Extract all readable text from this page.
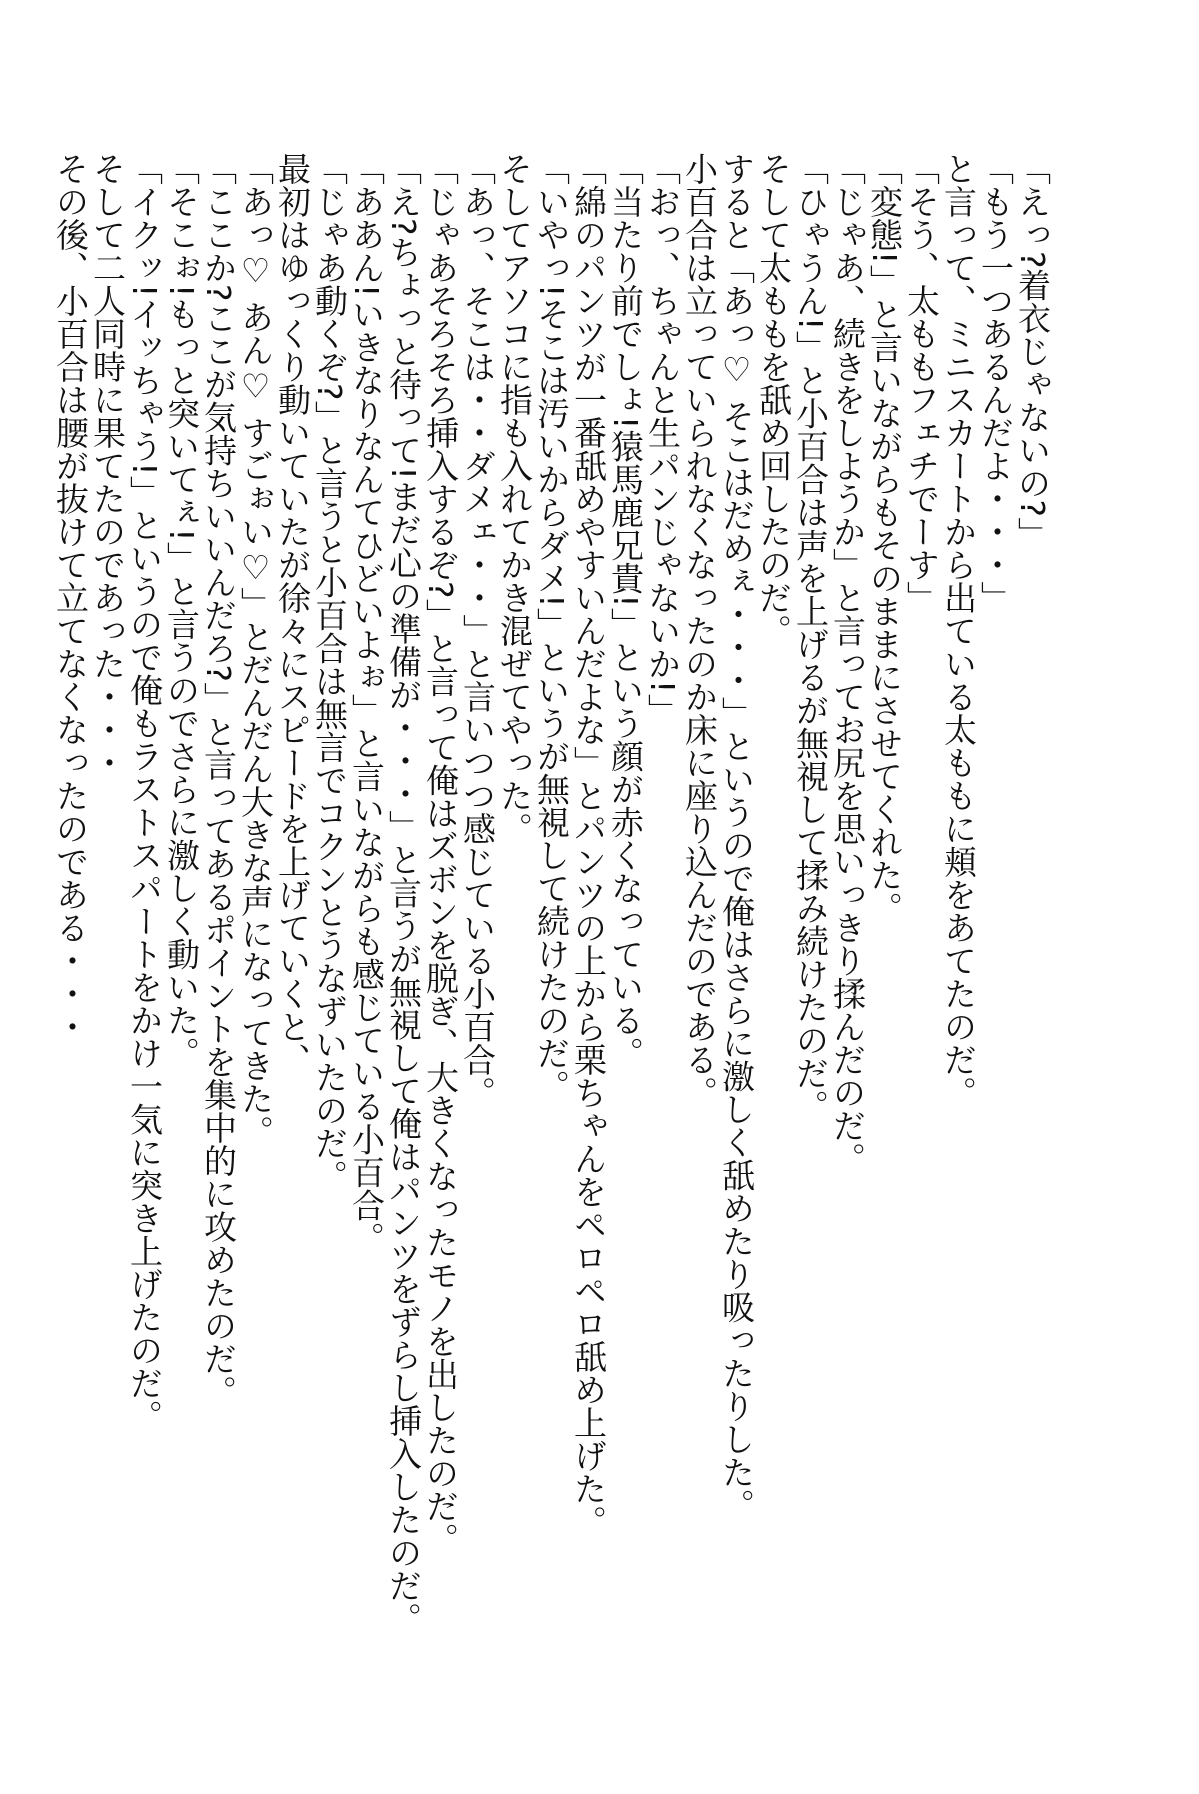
「えっ?着衣じゃないの?」
「もう一つあるんだよ・・・」
と言って、ミニスカートから出ている太ももに頬をあてたのだ。
「そう、太ももフェチでーす」
「変態!」と言いながらもそのままにさせてくれた。
「じゃあ、続きをしようか」と言ってお尻を思いっきり揉んだのだ。
「ひゃうん!」と小百合は声を上げるが無視して揉み続けたのだ。
そして太ももを舐め回したのだ。
すると「あっ♡ そこはだめぇ・・・」というので俺はさらに激しく舐めたり吸ったりした。
小百合は立っていられなくなったのか床に座り込んだのである。
「おっ、ちゃんと生パンじゃないか!」
「当たり前でしょ!猿馬鹿兄貴!」という顔が赤くなっている。
「綿のパンツが一番舐めやすいんだよな」とパンツの上から栗ちゃんをペロペロ舐め上げた。
「いやっ!そこは汚いからダメ!」というが無視して続けたのだ。
そしてアソコに指も入れてかき混ぜてやった。
「あっ、そこは・・ダメェ・・」と言いつつ感じている小百合。
「じゃあそろそろ挿入するぞ?」と言って俺はズボンを脱ぎ、大きくなったモノを出したのだ。
「え?ちょっと待って!まだ心の準備が・・・」と言うが無視して俺はパンツをずらし挿入したのだ。
「ああん!いきなりなんてひどいよぉ」と言いながらも感じている小百合。
「じゃあ動くぞ?」と言うと小百合は無言でコクンとうなずいたのだ。
最初はゆっくり動いていたが徐々にスピードを上げていくと、
「あっ♡ あん♡ すごぉい♡」とだんだん大きな声になってきた。
「ここか?ここが気持ちいいんだろ?」と言ってあるポイントを集中的に攻めたのだ。
「そこぉ!もっと突いてぇ!」と言うのでさらに激しく動いた。
「イクッ!イッちゃう!」というので俺もラストスパートをかけ一気に突き上げたのだ。
そして二人同時に果てたのであった・・・
その後、小百合は腰が抜けて立てなくなったのである・・・
